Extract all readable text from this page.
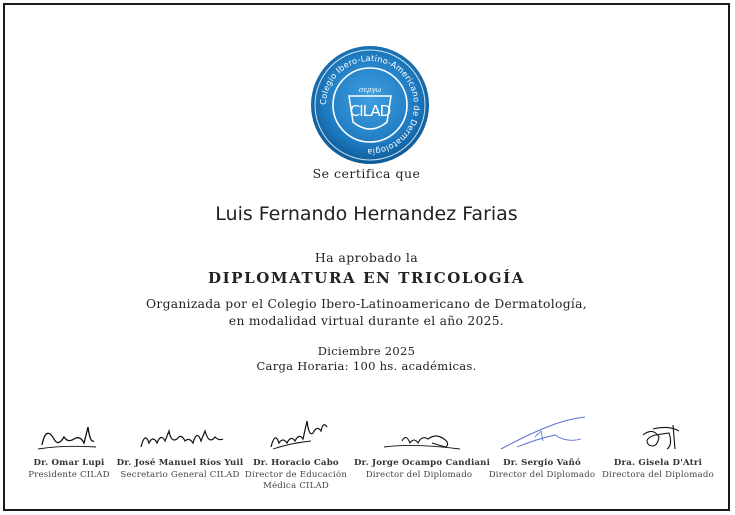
Colegio Ibero-Latino-Americano de Dermatología
σεργω
CILAD
Se certifica que
Luis Fernando Hernandez Farias
Ha aprobado la
DIPLOMATURA EN TRICOLOGÍA
Organizada por el Colegio Ibero-Latinoamericano de Dermatología,
en modalidad virtual durante el año 2025.
Diciembre 2025
Carga Horaria: 100 hs. académicas.
Dr. Omar Lupi
Presidente CILAD
Dr. José Manuel Ríos Yuil
Secretario General CILAD
Dr. Horacio Cabo
Director de Educación Médica CILAD
Dr. Jorge Ocampo Candiani
Director del Diplomado
Dr. Sergio Vañó
Director del Diplomado
Dra. Gisela D'Atri
Directora del Diplomado
